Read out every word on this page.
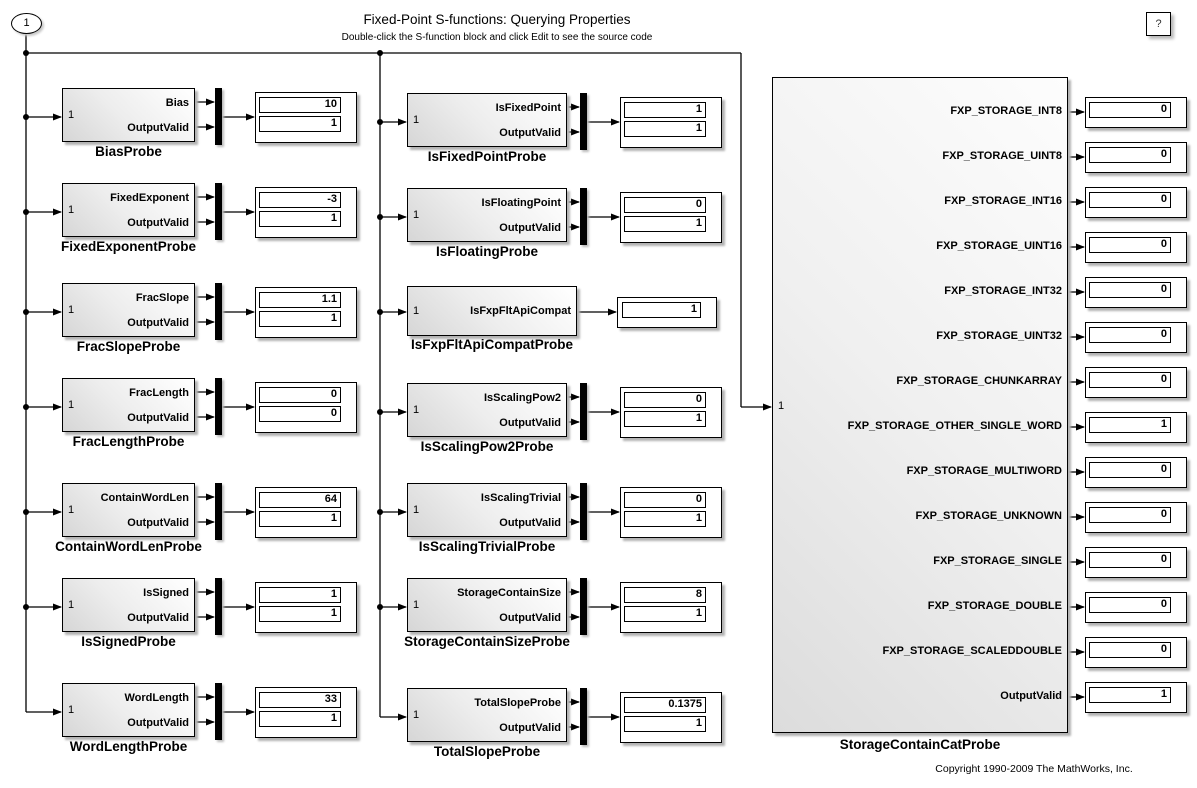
Fixed-Point S-functions: Querying Properties
Double-click the S-function block and click Edit to see the source code
1	?
1
StorageContainCatProbe
Copyright 1990-2009 The MathWorks, Inc.
1
Bias
OutputValid
BiasProbe
10
1
1
FixedExponent
OutputValid
FixedExponentProbe
-3
1
1
FracSlope
OutputValid
FracSlopeProbe
1.1
1
1
FracLength
OutputValid
FracLengthProbe
0
0
1
ContainWordLen
OutputValid
ContainWordLenProbe
64
1
1
IsSigned
OutputValid
IsSignedProbe
1
1
1
WordLength
OutputValid
WordLengthProbe
33
1
1
IsFixedPoint
OutputValid
IsFixedPointProbe
1
1
1
IsFloatingPoint
OutputValid
IsFloatingProbe
0
1
1
IsScalingPow2
OutputValid
IsScalingPow2Probe
0
1
1
IsScalingTrivial
OutputValid
IsScalingTrivialProbe
0
1
1
StorageContainSize
OutputValid
StorageContainSizeProbe
8
1
1
TotalSlopeProbe
OutputValid
TotalSlopeProbe
0.1375
1
1	IsFxpFltApiCompat
IsFxpFltApiCompatProbe
1
FXP_STORAGE_INT8	0
FXP_STORAGE_UINT8	0
FXP_STORAGE_INT16	0
FXP_STORAGE_UINT16	0
FXP_STORAGE_INT32	0
FXP_STORAGE_UINT32	0
FXP_STORAGE_CHUNKARRAY	0
FXP_STORAGE_OTHER_SINGLE_WORD	1
FXP_STORAGE_MULTIWORD	0
FXP_STORAGE_UNKNOWN	0
FXP_STORAGE_SINGLE	0
FXP_STORAGE_DOUBLE	0
FXP_STORAGE_SCALEDDOUBLE	0
OutputValid	1
